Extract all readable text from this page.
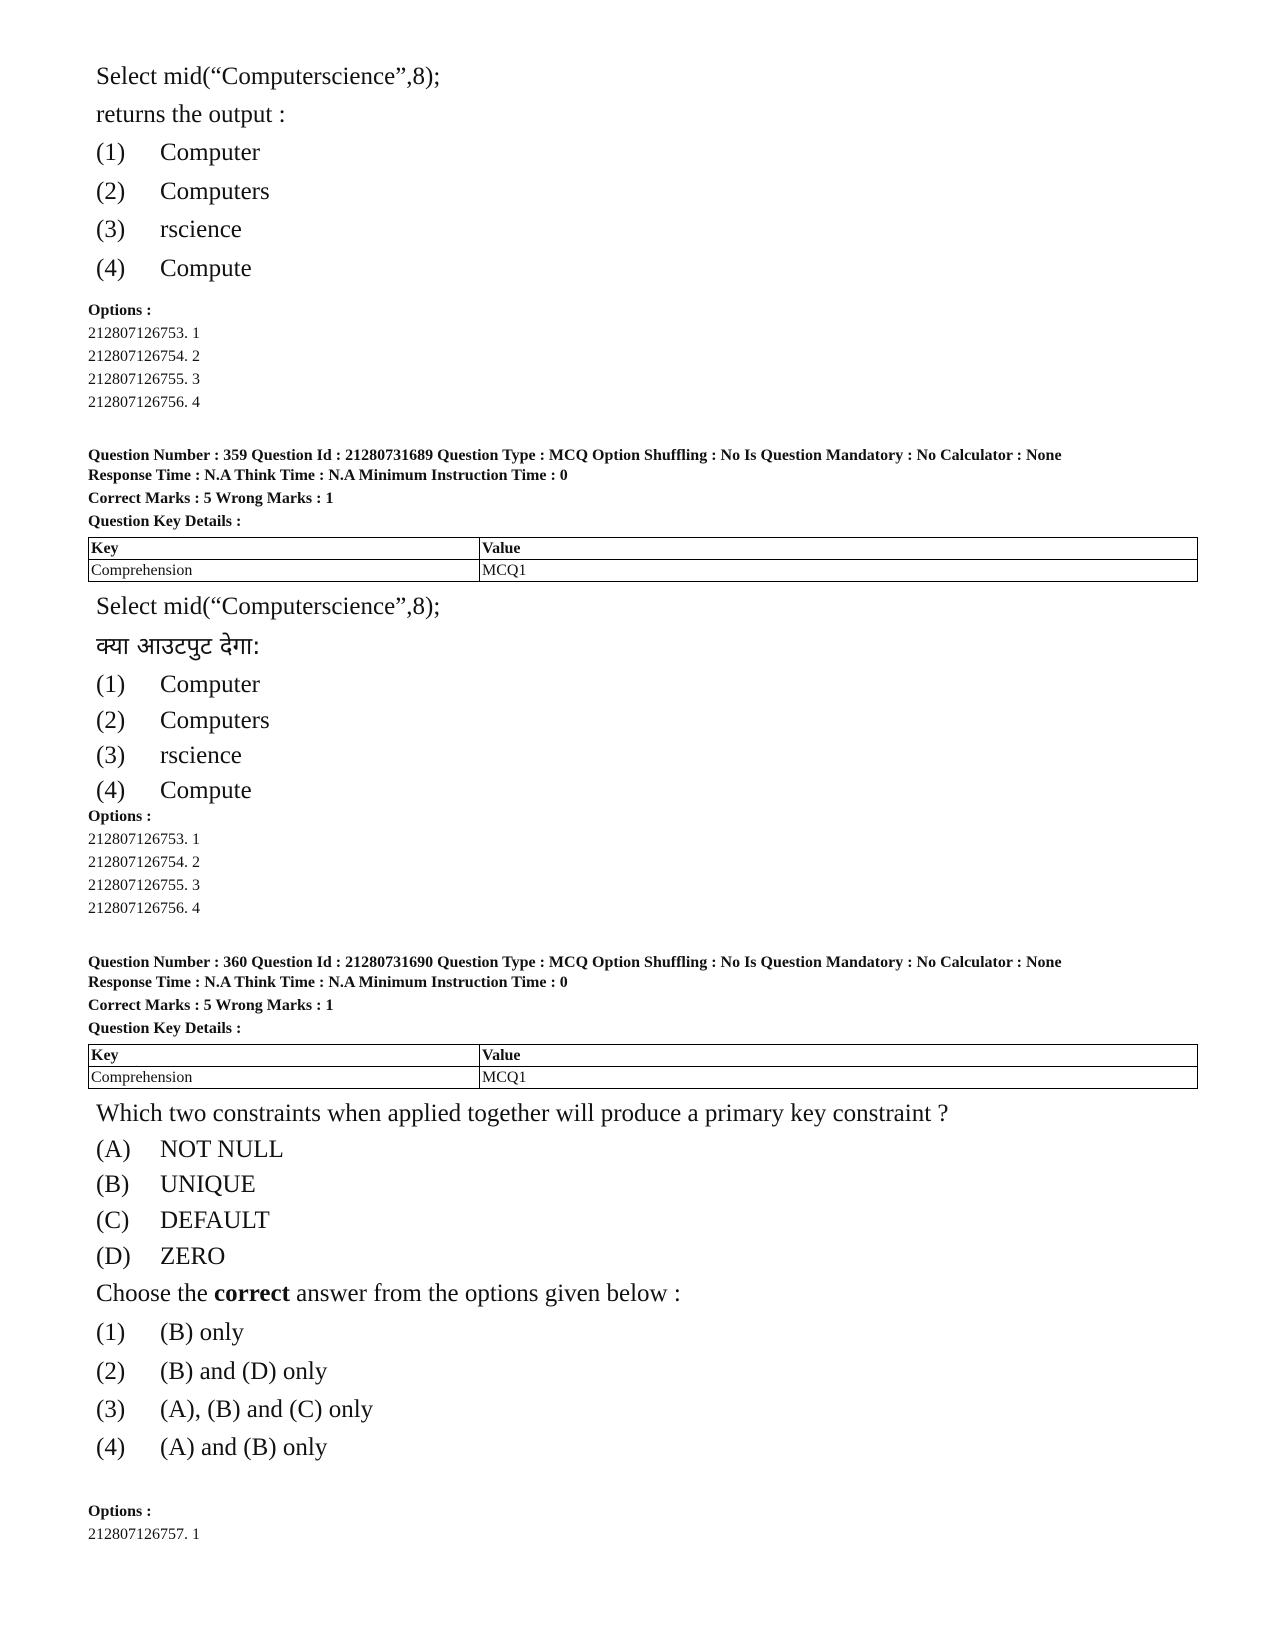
Select mid(“Computerscience”,8);
returns the output :
(1) Computer
(2) Computers
(3) rscience
(4) Compute
Options :
212807126753. 1
212807126754. 2
212807126755. 3
212807126756. 4
Question Number : 359 Question Id : 21280731689 Question Type : MCQ Option Shuffling : No Is Question Mandatory : No Calculator : None
Response Time : N.A Think Time : N.A Minimum Instruction Time : 0
Correct Marks : 5 Wrong Marks : 1
Question Key Details :
Key	Value
Comprehension	MCQ1
Select mid(“Computerscience”,8);
क्या आउटपुट देगा:
(1) Computer
(2) Computers
(3) rscience
(4) Compute
Options :
212807126753. 1
212807126754. 2
212807126755. 3
212807126756. 4
Question Number : 360 Question Id : 21280731690 Question Type : MCQ Option Shuffling : No Is Question Mandatory : No Calculator : None
Response Time : N.A Think Time : N.A Minimum Instruction Time : 0
Correct Marks : 5 Wrong Marks : 1
Question Key Details :
Key	Value
Comprehension	MCQ1
Which two constraints when applied together will produce a primary key constraint ?
(A) NOT NULL
(B) UNIQUE
(C) DEFAULT
(D) ZERO
Choose the correct answer from the options given below :
(1) (B) only
(2) (B) and (D) only
(3) (A), (B) and (C) only
(4) (A) and (B) only
Options :
212807126757. 1
